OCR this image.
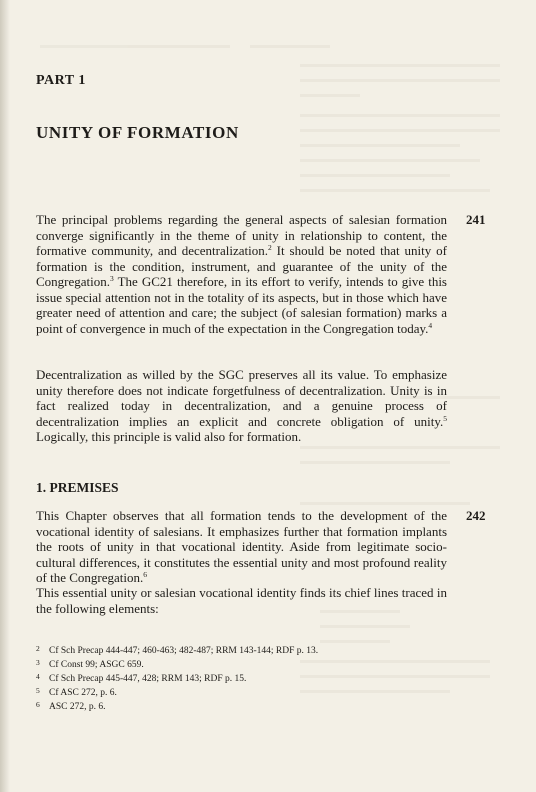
PART 1
UNITY OF FORMATION
241

The principal problems regarding the general aspects of salesian formation converge significantly in the theme of unity in relationship to content, the formative community, and decentralization.$^2$ It should be noted that unity of formation is the condition, instrument, and guarantee of the unity of the Congregation.$^3$ The GC21 therefore, in its effort to verify, intends to give this issue special attention not in the totality of its aspects, but in those which have greater need of attention and care; the subject (of salesian formation) marks a point of convergence in much of the expectation in the Congregation today.$^4$

Decentralization as willed by the SGC preserves all its value. To emphasize unity therefore does not indicate forgetfulness of decentralization. Unity is in fact realized today in decentralization, and a genuine process of decentralization implies an explicit and concrete obligation of unity.$^5$ Logically, this principle is valid also for formation.

1. PREMISES
242

This Chapter observes that all formation tends to the development of the vocational identity of salesians. It emphasizes further that formation implants the roots of unity in that vocational identity. Aside from legitimate socio-cultural differences, it constitutes the essential unity and most profound reality of the Congregation.$^6$

This essential unity or salesian vocational identity finds its chief lines traced in the following elements:

2 Cf Sch Precap 444-447; 460-463; 482-487; RRM 143-144; RDF p. 13.
3 Cf Const 99; ASGC 659.
4 Cf Sch Precap 445-447, 428; RRM 143; RDF p. 15.
5 Cf ASC 272, p. 6.
6 ASC 272, p. 6.
